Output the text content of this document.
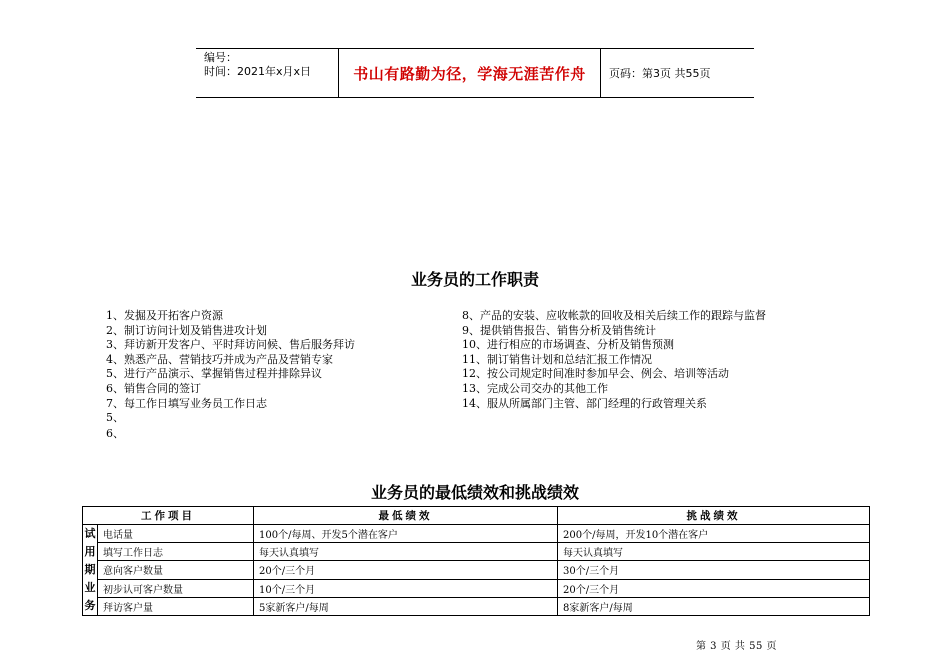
编号：
时间：2021年x月x日	书山有路勤为径，学海无涯苦作舟	页码：第3页 共55页
业务员的工作职责
1、发掘及开拓客户资源
2、制订访问计划及销售进攻计划
3、拜访新开发客户、平时拜访问候、售后服务拜访
4、熟悉产品、营销技巧并成为产品及营销专家
5、进行产品演示、掌握销售过程并排除异议
6、销售合同的签订
7、每工作日填写业务员工作日志
5、
6、
8、产品的安装、应收帐款的回收及相关后续工作的跟踪与监督
9、提供销售报告、销售分析及销售统计
10、进行相应的市场调查、分析及销售预测
11、制订销售计划和总结汇报工作情况
12、按公司规定时间准时参加早会、例会、培训等活动
13、完成公司交办的其他工作
14、服从所属部门主管、部门经理的行政管理关系
业务员的最低绩效和挑战绩效
工作项目		最低绩效	挑战绩效

试
用
期
业
务	电话量	100个/每周、开发5个潜在客户	200个/每周，开发10个潜在客户
	填写工作日志	每天认真填写	每天认真填写
	意向客户数量	20个/三个月	30个/三个月
	初步认可客户数量	10个/三个月	20个/三个月
	拜访客户量	5家新客户/每周	8家新客户/每周
第 3 页 共 55 页
